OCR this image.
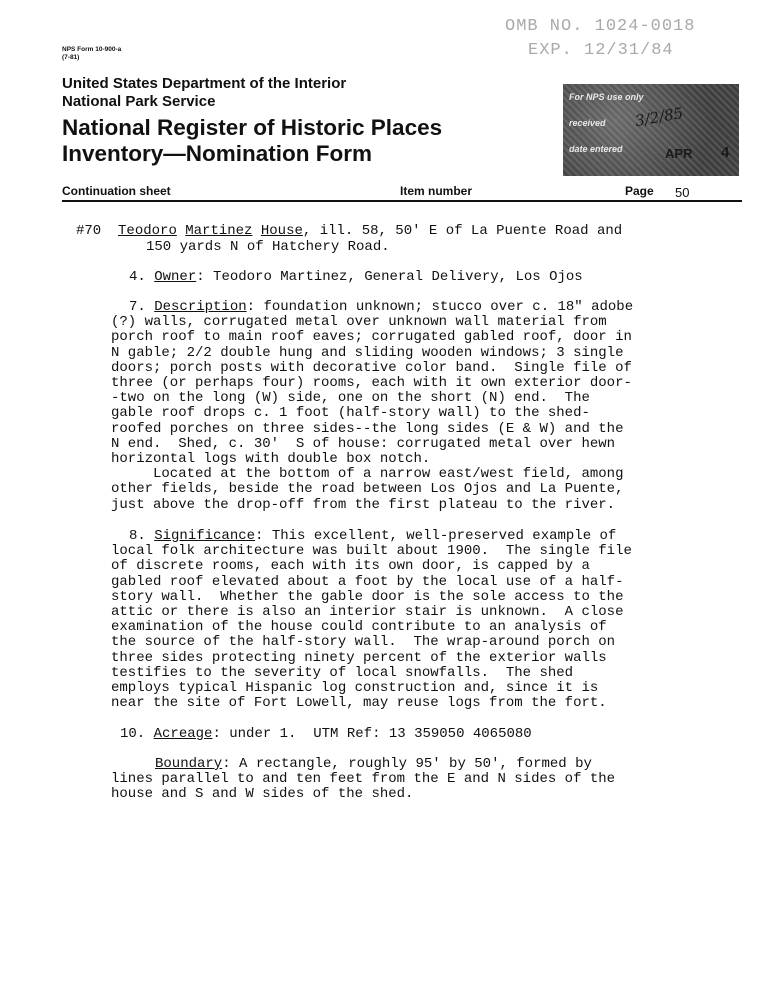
NPS Form 10-900-a
(7-81)
OMB NO. 1024-0018
EXP. 12/31/84
United States Department of the Interior
National Park Service
National Register of Historic Places
Inventory—Nomination Form
For NPS use only
received
date entered
3/2/85
APR 4
Continuation sheet	Item number	Page 50
#70 Teodoro Martinez House, ill. 58, 50' E of La Puente Road and
150 yards N of Hatchery Road.
4. Owner: Teodoro Martinez, General Delivery, Los Ojos
7. Description: foundation unknown; stucco over c. 18" adobe
(?) walls, corrugated metal over unknown wall material from
porch roof to main roof eaves; corrugated gabled roof, door in
N gable; 2/2 double hung and sliding wooden windows; 3 single
doors; porch posts with decorative color band.  Single file of
three (or perhaps four) rooms, each with it own exterior door-
-two on the long (W) side, one on the short (N) end.  The
gable roof drops c. 1 foot (half-story wall) to the shed-
roofed porches on three sides--the long sides (E & W) and the
N end.  Shed, c. 30'  S of house: corrugated metal over hewn
horizontal logs with double box notch.
Located at the bottom of a narrow east/west field, among
other fields, beside the road between Los Ojos and La Puente,
just above the drop-off from the first plateau to the river.
8. Significance: This excellent, well-preserved example of
local folk architecture was built about 1900.  The single file
of discrete rooms, each with its own door, is capped by a
gabled roof elevated about a foot by the local use of a half-
story wall.  Whether the gable door is the sole access to the
attic or there is also an interior stair is unknown.  A close
examination of the house could contribute to an analysis of
the source of the half-story wall.  The wrap-around porch on
three sides protecting ninety percent of the exterior walls
testifies to the severity of local snowfalls.  The shed
employs typical Hispanic log construction and, since it is
near the site of Fort Lowell, may reuse logs from the fort.
10. Acreage: under 1.  UTM Ref: 13 359050 4065080
Boundary: A rectangle, roughly 95' by 50', formed by
lines parallel to and ten feet from the E and N sides of the
house and S and W sides of the shed.
